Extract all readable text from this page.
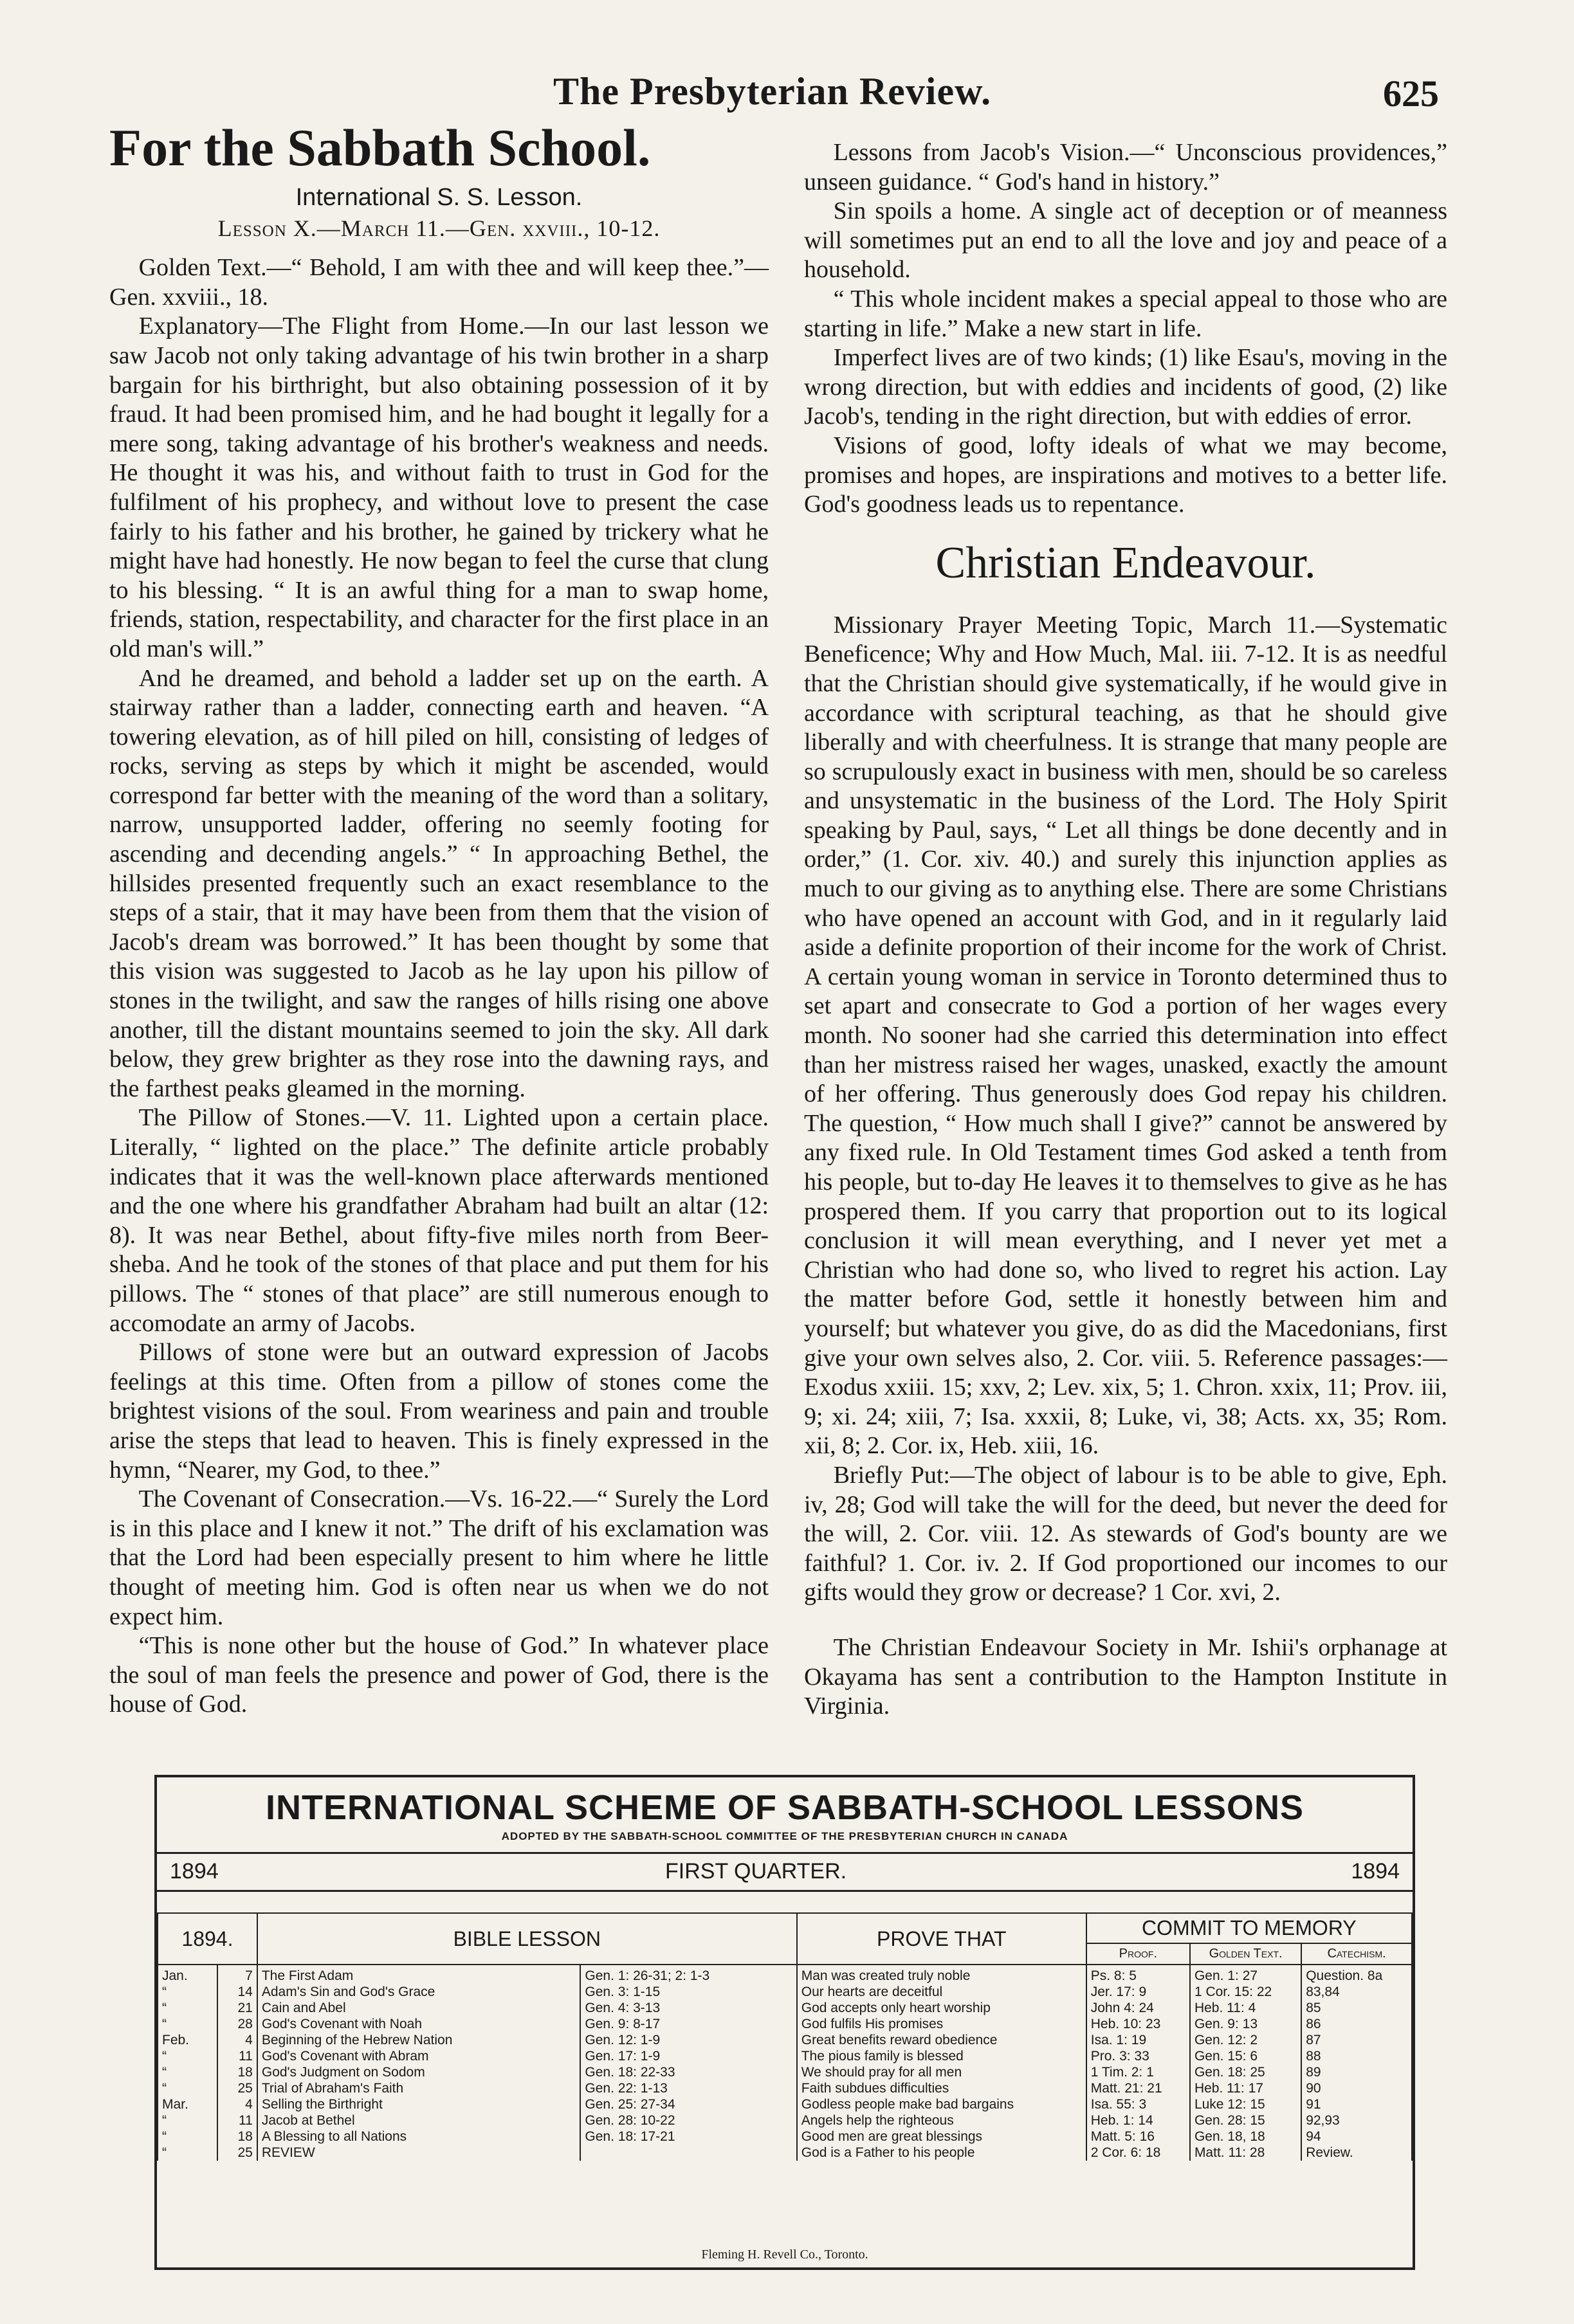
The Presbyterian Review.	625
For the Sabbath School.
International S. S. Lesson.
Lesson X.—March 11.—Gen. xxviii., 10-12.

Golden Text.—“ Behold, I am with thee and will keep thee.”—Gen. xxviii., 18.

Explanatory—The Flight from Home.—In our last lesson we saw Jacob not only taking advantage of his twin brother in a sharp bargain for his birthright, but also obtaining possession of it by fraud. It had been promised him, and he had bought it legally for a mere song, taking advantage of his brother's weakness and needs. He thought it was his, and without faith to trust in God for the fulfilment of his prophecy, and without love to present the case fairly to his father and his brother, he gained by trickery what he might have had honestly. He now began to feel the curse that clung to his blessing. “ It is an awful thing for a man to swap home, friends, station, respectability, and character for the first place in an old man's will.”

And he dreamed, and behold a ladder set up on the earth. A stairway rather than a ladder, connecting earth and heaven. “A towering elevation, as of hill piled on hill, consisting of ledges of rocks, serving as steps by which it might be ascended, would correspond far better with the meaning of the word than a solitary, narrow, unsupported ladder, offering no seemly footing for ascending and decending angels.” “ In approaching Bethel, the hillsides presented frequently such an exact resemblance to the steps of a stair, that it may have been from them that the vision of Jacob's dream was borrowed.” It has been thought by some that this vision was suggested to Jacob as he lay upon his pillow of stones in the twilight, and saw the ranges of hills rising one above another, till the distant mountains seemed to join the sky. All dark below, they grew brighter as they rose into the dawning rays, and the farthest peaks gleamed in the morning.

The Pillow of Stones.—V. 11. Lighted upon a certain place. Literally, “ lighted on the place.” The definite article probably indicates that it was the well-known place afterwards mentioned and the one where his grandfather Abraham had built an altar (12: 8). It was near Bethel, about fifty-five miles north from Beer-sheba. And he took of the stones of that place and put them for his pillows. The “ stones of that place” are still numerous enough to accomodate an army of Jacobs.

Pillows of stone were but an outward expression of Jacobs feelings at this time. Often from a pillow of stones come the brightest visions of the soul. From weariness and pain and trouble arise the steps that lead to heaven. This is finely expressed in the hymn, “Nearer, my God, to thee.”

The Covenant of Consecration.—Vs. 16-22.—“ Surely the Lord is in this place and I knew it not.” The drift of his exclamation was that the Lord had been especially present to him where he little thought of meeting him. God is often near us when we do not expect him.

“This is none other but the house of God.” In whatever place the soul of man feels the presence and power of God, there is the house of God.

Lessons from Jacob's Vision.—“ Unconscious providences,” unseen guidance. “ God's hand in history.”

Sin spoils a home. A single act of deception or of meanness will sometimes put an end to all the love and joy and peace of a household.

“ This whole incident makes a special appeal to those who are starting in life.” Make a new start in life.

Imperfect lives are of two kinds; (1) like Esau's, moving in the wrong direction, but with eddies and incidents of good, (2) like Jacob's, tending in the right direction, but with eddies of error.

Visions of good, lofty ideals of what we may become, promises and hopes, are inspirations and motives to a better life. God's goodness leads us to repentance.

Christian Endeavour.

Missionary Prayer Meeting Topic, March 11.—Systematic Beneficence; Why and How Much, Mal. iii. 7-12. It is as needful that the Christian should give systematically, if he would give in accordance with scriptural teaching, as that he should give liberally and with cheerfulness. It is strange that many people are so scrupulously exact in business with men, should be so careless and unsystematic in the business of the Lord. The Holy Spirit speaking by Paul, says, “ Let all things be done decently and in order,” (1. Cor. xiv. 40.) and surely this injunction applies as much to our giving as to anything else. There are some Christians who have opened an account with God, and in it regularly laid aside a definite proportion of their income for the work of Christ. A certain young woman in service in Toronto determined thus to set apart and consecrate to God a portion of her wages every month. No sooner had she carried this determination into effect than her mistress raised her wages, unasked, exactly the amount of her offering. Thus generously does God repay his children. The question, “ How much shall I give?” cannot be answered by any fixed rule. In Old Testament times God asked a tenth from his people, but to-day He leaves it to themselves to give as he has prospered them. If you carry that proportion out to its logical conclusion it will mean everything, and I never yet met a Christian who had done so, who lived to regret his action. Lay the matter before God, settle it honestly between him and yourself; but whatever you give, do as did the Macedonians, first give your own selves also, 2. Cor. viii. 5. Reference passages:—Exodus xxiii. 15; xxv, 2; Lev. xix, 5; 1. Chron. xxix, 11; Prov. iii, 9; xi. 24; xiii, 7; Isa. xxxii, 8; Luke, vi, 38; Acts. xx, 35; Rom. xii, 8; 2. Cor. ix, Heb. xiii, 16.

Briefly Put:—The object of labour is to be able to give, Eph. iv, 28; God will take the will for the deed, but never the deed for the will, 2. Cor. viii. 12. As stewards of God's bounty are we faithful? 1. Cor. iv. 2. If God proportioned our incomes to our gifts would they grow or decrease? 1 Cor. xvi, 2.

The Christian Endeavour Society in Mr. Ishii's orphanage at Okayama has sent a contribution to the Hampton Institute in Virginia.

INTERNATIONAL SCHEME OF SABBATH-SCHOOL LESSONS
ADOPTED BY THE SABBATH-SCHOOL COMMITTEE OF THE PRESBYTERIAN CHURCH IN CANADA
1894	FIRST QUARTER.	1894
1894.		BIBLE LESSON		PROVE THAT	COMMIT TO MEMORY		
					Proof.	Golden Text.	Catechism.
Jan.	7	The First Adam	Gen. 1: 26-31; 2: 1-3	Man was created truly noble	Ps. 8: 5	Gen. 1: 27	Question. 8a
“	14	Adam's Sin and God's Grace	Gen. 3: 1-15	Our hearts are deceitful	Jer. 17: 9	1 Cor. 15: 22	83,84
“	21	Cain and Abel	Gen. 4: 3-13	God accepts only heart worship	John 4: 24	Heb. 11: 4	85
“	28	God's Covenant with Noah	Gen. 9: 8-17	God fulfils His promises	Heb. 10: 23	Gen. 9: 13	86
Feb.	4	Beginning of the Hebrew Nation	Gen. 12: 1-9	Great benefits reward obedience	Isa. 1: 19	Gen. 12: 2	87
“	11	God's Covenant with Abram	Gen. 17: 1-9	The pious family is blessed	Pro. 3: 33	Gen. 15: 6	88
“	18	God's Judgment on Sodom	Gen. 18: 22-33	We should pray for all men	1 Tim. 2: 1	Gen. 18: 25	89
“	25	Trial of Abraham's Faith	Gen. 22: 1-13	Faith subdues difficulties	Matt. 21: 21	Heb. 11: 17	90
Mar.	4	Selling the Birthright	Gen. 25: 27-34	Godless people make bad bargains	Isa. 55: 3	Luke 12: 15	91
“	11	Jacob at Bethel	Gen. 28: 10-22	Angels help the righteous	Heb. 1: 14	Gen. 28: 15	92,93
“	18	A Blessing to all Nations	Gen. 18: 17-21	Good men are great blessings	Matt. 5: 16	Gen. 18, 18	94
“	25	REVIEW		God is a Father to his people	2 Cor. 6: 18	Matt. 11: 28	Review.
Fleming H. Revell Co., Toronto.
